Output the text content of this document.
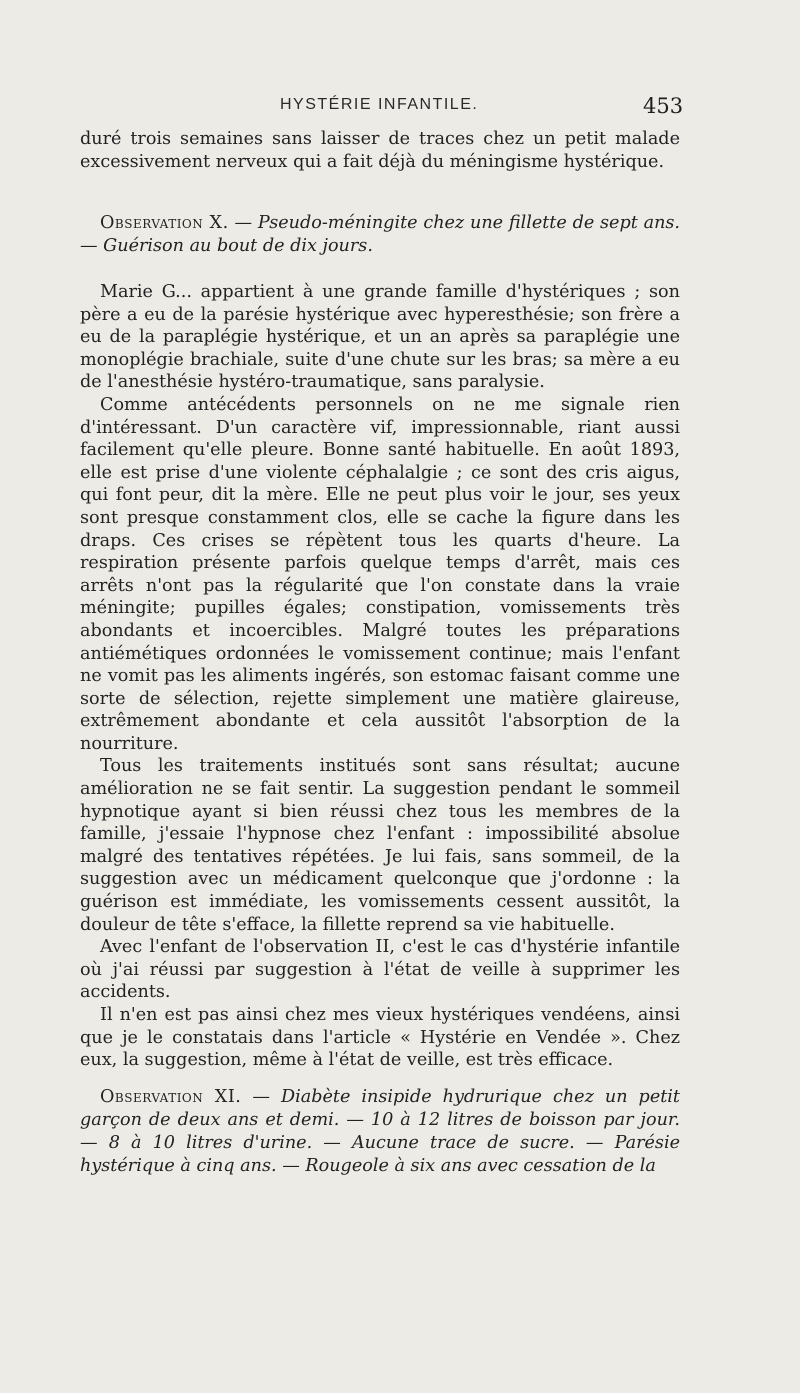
HYSTÉRIE INFANTILE.	453

duré trois semaines sans laisser de traces chez un petit malade excessivement nerveux qui a fait déjà du méningisme hystérique.

Observation X. — Pseudo-méningite chez une fillette de sept ans. — Guérison au bout de dix jours.

Marie G... appartient à une grande famille d'hystériques ; son père a eu de la parésie hystérique avec hyperesthésie; son frère a eu de la paraplégie hystérique, et un an après sa paraplégie une monoplégie brachiale, suite d'une chute sur les bras; sa mère a eu de l'anesthésie hystéro-traumatique, sans paralysie.

Comme antécédents personnels on ne me signale rien d'intéressant. D'un caractère vif, impressionnable, riant aussi facilement qu'elle pleure. Bonne santé habituelle. En août 1893, elle est prise d'une violente céphalalgie ; ce sont des cris aigus, qui font peur, dit la mère. Elle ne peut plus voir le jour, ses yeux sont presque constamment clos, elle se cache la figure dans les draps. Ces crises se répètent tous les quarts d'heure. La respiration présente parfois quelque temps d'arrêt, mais ces arrêts n'ont pas la régularité que l'on constate dans la vraie méningite; pupilles égales; constipation, vomissements très abondants et incoercibles. Malgré toutes les préparations antiémétiques ordonnées le vomissement continue; mais l'enfant ne vomit pas les aliments ingérés, son estomac faisant comme une sorte de sélection, rejette simplement une matière glaireuse, extrêmement abondante et cela aussitôt l'absorption de la nourriture.

Tous les traitements institués sont sans résultat; aucune amélioration ne se fait sentir. La suggestion pendant le sommeil hypnotique ayant si bien réussi chez tous les membres de la famille, j'essaie l'hypnose chez l'enfant : impossibilité absolue malgré des tentatives répétées. Je lui fais, sans sommeil, de la suggestion avec un médicament quelconque que j'ordonne : la guérison est immédiate, les vomissements cessent aussitôt, la douleur de tête s'efface, la fillette reprend sa vie habituelle.

Avec l'enfant de l'observation II, c'est le cas d'hystérie infantile où j'ai réussi par suggestion à l'état de veille à supprimer les accidents.

Il n'en est pas ainsi chez mes vieux hystériques vendéens, ainsi que je le constatais dans l'article « Hystérie en Vendée ». Chez eux, la suggestion, même à l'état de veille, est très efficace.

Observation XI. — Diabète insipide hydrurique chez un petit garçon de deux ans et demi. — 10 à 12 litres de boisson par jour. — 8 à 10 litres d'urine. — Aucune trace de sucre. — Parésie hystérique à cinq ans. — Rougeole à six ans avec cessation de la
